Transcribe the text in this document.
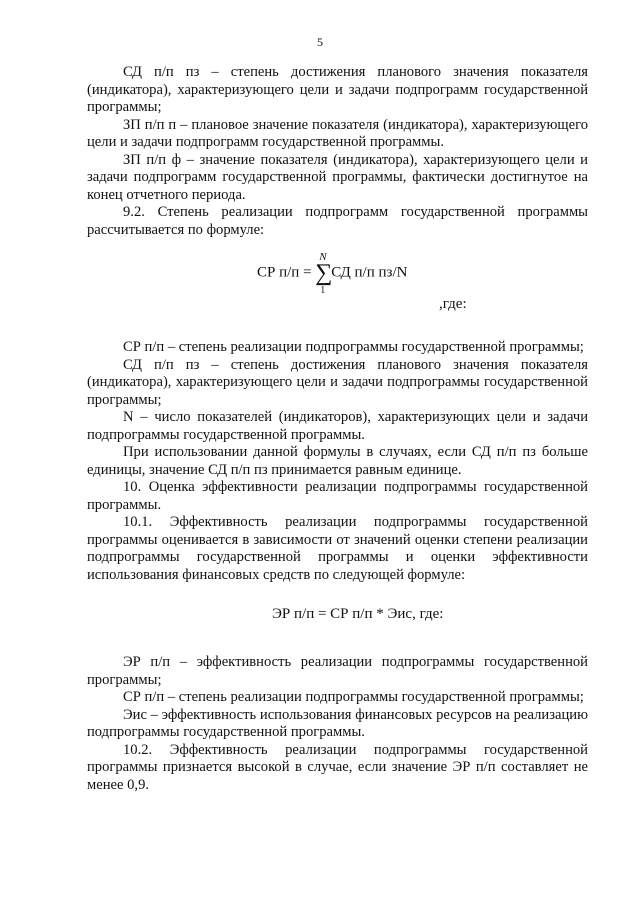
5

СД п/п пз – степень достижения планового значения показателя (индикатора), характеризующего цели и задачи подпрограмм государственной программы;

ЗП п/п п – плановое значение показателя (индикатора), характеризующего цели и задачи подпрограмм государственной программы.

ЗП п/п ф – значение показателя (индикатора), характеризующего цели и задачи подпрограмм государственной программы, фактически достигнутое на конец отчетного периода.

9.2. Степень реализации подпрограмм государственной программы рассчитывается по формуле:

СР п/п =
N
∑
1
СД п/п пз/N
,где:

СР п/п – степень реализации подпрограммы государственной программы;

СД п/п пз – степень достижения планового значения показателя (индикатора), характеризующего цели и задачи подпрограммы государственной программы;

N – число показателей (индикаторов), характеризующих цели и задачи подпрограммы государственной программы.

При использовании данной формулы в случаях, если СД п/п пз больше единицы, значение СД п/п пз принимается равным единице.

10. Оценка эффективности реализации подпрограммы государственной программы.

10.1. Эффективность реализации подпрограммы государственной программы оценивается в зависимости от значений оценки степени реализации подпрограммы государственной программы и оценки эффективности использования финансовых средств по следующей формуле:

ЭР п/п = СР п/п * Эис, где:

ЭР п/п – эффективность реализации подпрограммы государственной программы;

СР п/п – степень реализации подпрограммы государственной программы;

Эис – эффективность использования финансовых ресурсов на реализацию подпрограммы государственной программы.

10.2. Эффективность реализации подпрограммы государственной программы признается высокой в случае, если значение ЭР п/п составляет не менее 0,9.
